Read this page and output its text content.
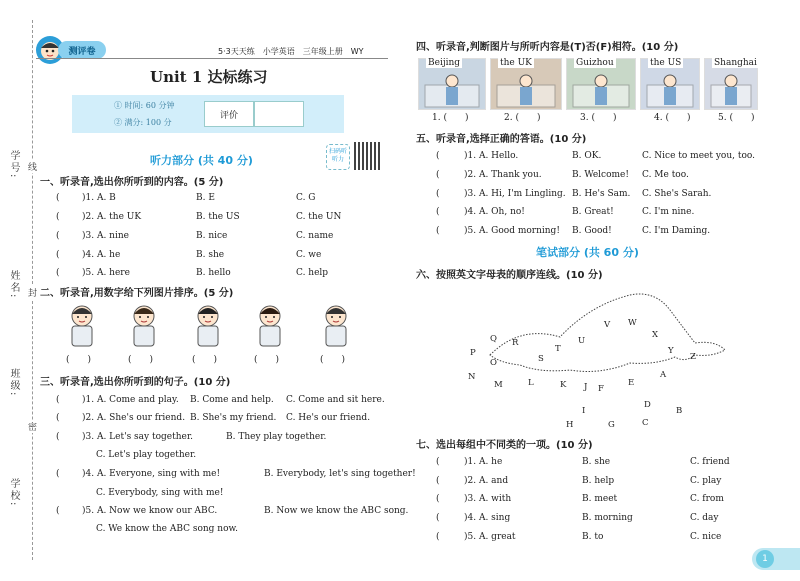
学号:
姓名:
班级:
学校:
线
封
密
测评卷	5·3天天练　小学英语　三年级上册　WY
Unit 1 达标练习
① 时间: 60 分钟
② 满分: 100 分
评价
扫码听听力
听力部分 (共 40 分)
一、听录音,选出你所听到的内容。(5 分)
( )1. A. B	B. E	C. G
( )2. A. the UK	B. the US	C. the UN
( )3. A. nine	B. nice	C. name
( )4. A. he	B. she	C. we
( )5. A. here	B. hello	C. help
二、听录音,用数字给下列图片排序。(5 分)
(　　)	(　　)	(　　)	(　　)	(　　)
三、听录音,选出你所听到的句子。(10 分)
( )1. A. Come and play. B. Come and help. C. Come and sit here.
( )2. A. She's our friend. B. She's my friend. C. He's our friend.
( )3. A. Let's say together.	B. They play together.
C. Let's play together.
( )4. A. Everyone, sing with me!	B. Everybody, let's sing together!
C. Everybody, sing with me!
( )5. A. Now we know our ABC.	B. Now we know the ABC song.
C. We know the ABC song now.
四、听录音,判断图片与所听内容是(T)否(F)相符。(10 分)
Beijing
1. (　　)
the UK
2. (　　)
Guizhou
3. (　　)
the US
4. (　　)
Shanghai
5. (　　)
五、听录音,选择正确的答语。(10 分)
(	)1. A. Hello.	B. OK.	C. Nice to meet you, too.
(	)2. A. Thank you.	B. Welcome! C. Me too.
(	)3. A. Hi, I'm Lingling. B. He's Sam. C. She's Sarah.
(	)4. A. Oh, no!	B. Great!	C. I'm nine.
(	)5. A. Good morning! B. Good!	C. I'm Daming.
笔试部分 (共 60 分)
六、按照英文字母表的顺序连线。(10 分)
Q R
P
O	S
T
U
V W
X
Y
Z
N
M	L	K J F
E
A
D
B
C
I
H	G
七、选出每组中不同类的一项。(10 分)
(	)1. A. he	B. she	C. friend
(	)2. A. and	B. help	C. play
(	)3. A. with	B. meet	C. from
(	)4. A. sing	B. morning	C. day
(	)5. A. great	B. to	C. nice
1
